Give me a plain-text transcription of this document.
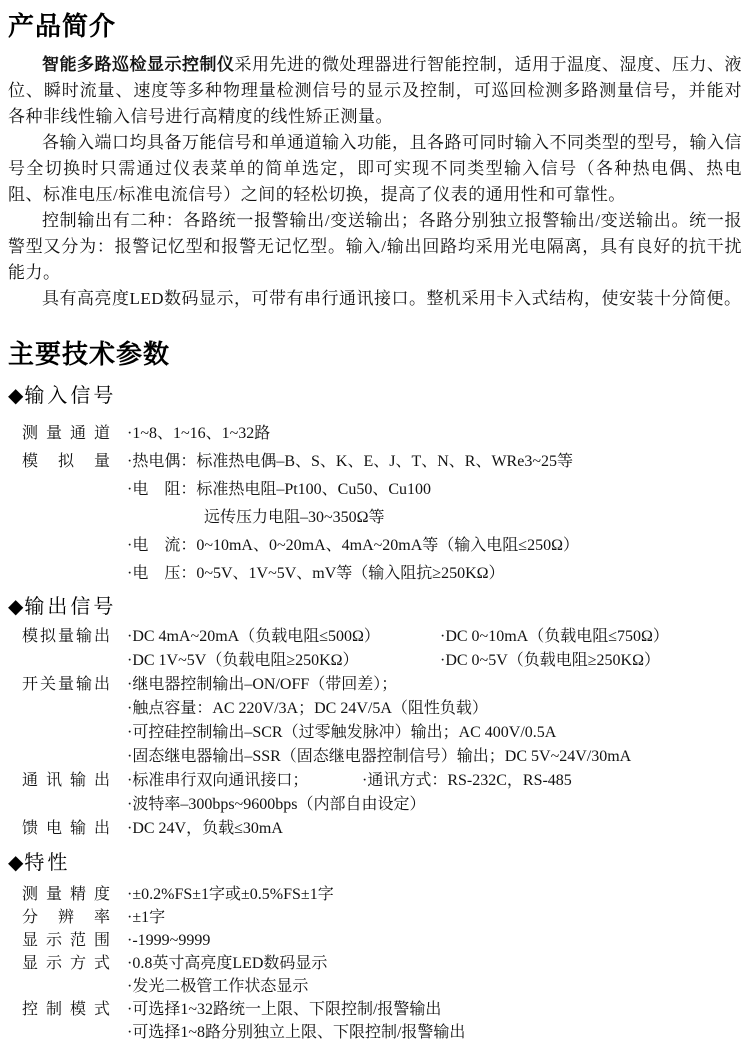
产品简介

智能多路巡检显示控制仪采用先进的微处理器进行智能控制，适用于温度、湿度、压力、液位、瞬时流量、速度等多种物理量检测信号的显示及控制，可巡回检测多路测量信号，并能对各种非线性输入信号进行高精度的线性矫正测量。

各输入端口均具备万能信号和单通道输入功能，且各路可同时输入不同类型的型号，输入信号全切换时只需通过仪表菜单的简单选定，即可实现不同类型输入信号（各种热电偶、热电阻、标准电压/标准电流信号）之间的轻松切换，提高了仪表的通用性和可靠性。

控制输出有二种：各路统一报警输出/变送输出；各路分别独立报警输出/变送输出。统一报警型又分为：报警记忆型和报警无记忆型。输入/输出回路均采用光电隔离，具有良好的抗干扰能力。

具有高亮度LED数码显示，可带有串行通讯接口。整机采用卡入式结构，使安装十分简便。

主要技术参数
◆输入信号
测量通道 ·1~8、1~16、1~32路
模拟量 ·热电偶：标准热电偶–B、S、K、E、J、T、N、R、WRe3~25等
·电　阻：标准热电阻–Pt100、Cu50、Cu100
远传压力电阻–30~350Ω等
·电　流：0~10mA、0~20mA、4mA~20mA等（输入电阻≤250Ω）
·电　压：0~5V、1V~5V、mV等（输入阻抗≥250KΩ）
◆输出信号
模拟量输出 ·DC 4mA~20mA（负载电阻≤500Ω）	·DC 0~10mA（负载电阻≤750Ω）
·DC 1V~5V（负载电阻≥250KΩ）	·DC 0~5V（负载电阻≥250KΩ）
开关量输出 ·继电器控制输出–ON/OFF（带回差）；
·触点容量：AC 220V/3A；DC 24V/5A（阻性负载）
·可控硅控制输出–SCR（过零触发脉冲）输出；AC 400V/0.5A
·固态继电器输出–SSR（固态继电器控制信号）输出；DC 5V~24V/30mA
通讯输出 ·标准串行双向通讯接口；	·通讯方式：RS-232C，RS-485
·波特率–300bps~9600bps（内部自由设定）
馈电输出 ·DC 24V，负载≤30mA
◆特性
测量精度 ·±0.2%FS±1字或±0.5%FS±1字
分辨率 ·±1字
显示范围 ·-1999~9999
显示方式 ·0.8英寸高亮度LED数码显示
·发光二极管工作状态显示
控制模式 ·可选择1~32路统一上限、下限控制/报警输出
·可选择1~8路分别独立上限、下限控制/报警输出
